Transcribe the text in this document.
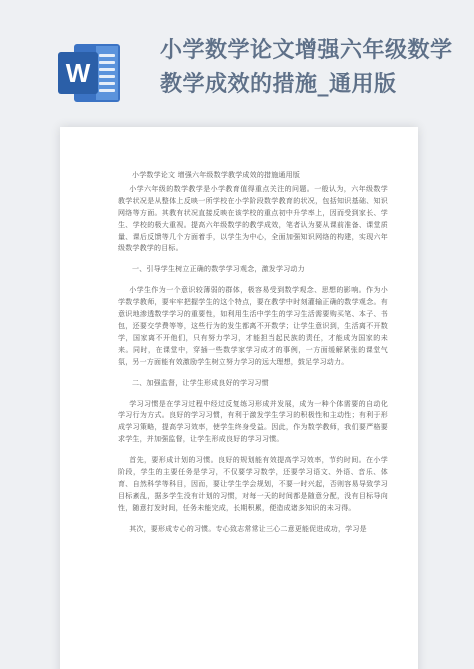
W
小学数学论文增强六年级数学
教学成效的措施_通用版

小学数学论文 增强六年级数学教学成效的措施通用版

小学六年级的数学教学是小学教育值得重点关注的问题。一般认为，六年级数学教学状况是从整体上反映一所学校在小学阶段数学教育的状况，包括知识基础、知识网络等方面。其教有状况直接反映在该学校的重点初中升学率上，因而受到家长、学生、学校的极大重视。提高六年级数学的教学成效，笔者认为要从课前准备、课堂质量、课后反馈等几个方面着手，以学生为中心，全面加强知识网络的构建，实现六年级数学教学的目标。

一、引导学生树立正确的数学学习观念，激发学习动力

小学生作为一个意识较薄弱的群体，极容易受到数学观念、思想的影响。作为小学数学教师，要牢牢把握学生的这个特点，要在教学中时刻灌输正确的数学观念。有意识地渗透数学学习的重要性，如利用生活中学生的学习生活需要购买笔、本子、书包，还要交学费等等，这些行为的发生都离不开数学；让学生意识到，生活离不开数学，国家离不开他们，只有努力学习，才能担当起民族的责任，才能成为国家的未来。同时，在课堂中，穿插一些数学家学习成才的事例，一方面缓解紧张的课堂气氛，另一方面能有效激励学生树立努力学习的远大理想，鼓足学习动力。

二、加强监督，让学生形成良好的学习习惯

学习习惯是在学习过程中经过反复练习形成并发展，成为一种个体需要的自动化学习行为方式。良好的学习习惯，有利于激发学生学习的积极性和主动性；有利于形成学习策略，提高学习效率，使学生终身受益。因此，作为数学教师，我们要严格要求学生，并加强监督，让学生形成良好的学习习惯。

首先，要形成计划的习惯。良好的规划能有效提高学习效率，节约时间。在小学阶段，学生的主要任务是学习，不仅要学习数学，还要学习语文、外语、音乐、体育、自然科学等科目，因而，要让学生学会规划，不要一时兴起，否则容易导致学习目标紊乱，据多学生没有计划的习惯，对每一天的时间都是随意分配，没有目标导向性，随意打发时间，任务未能完成，长期积累，便造成诸多知识的未习得。

其次，要形成专心的习惯。专心致志常常让三心二意更能促进成功，学习是
